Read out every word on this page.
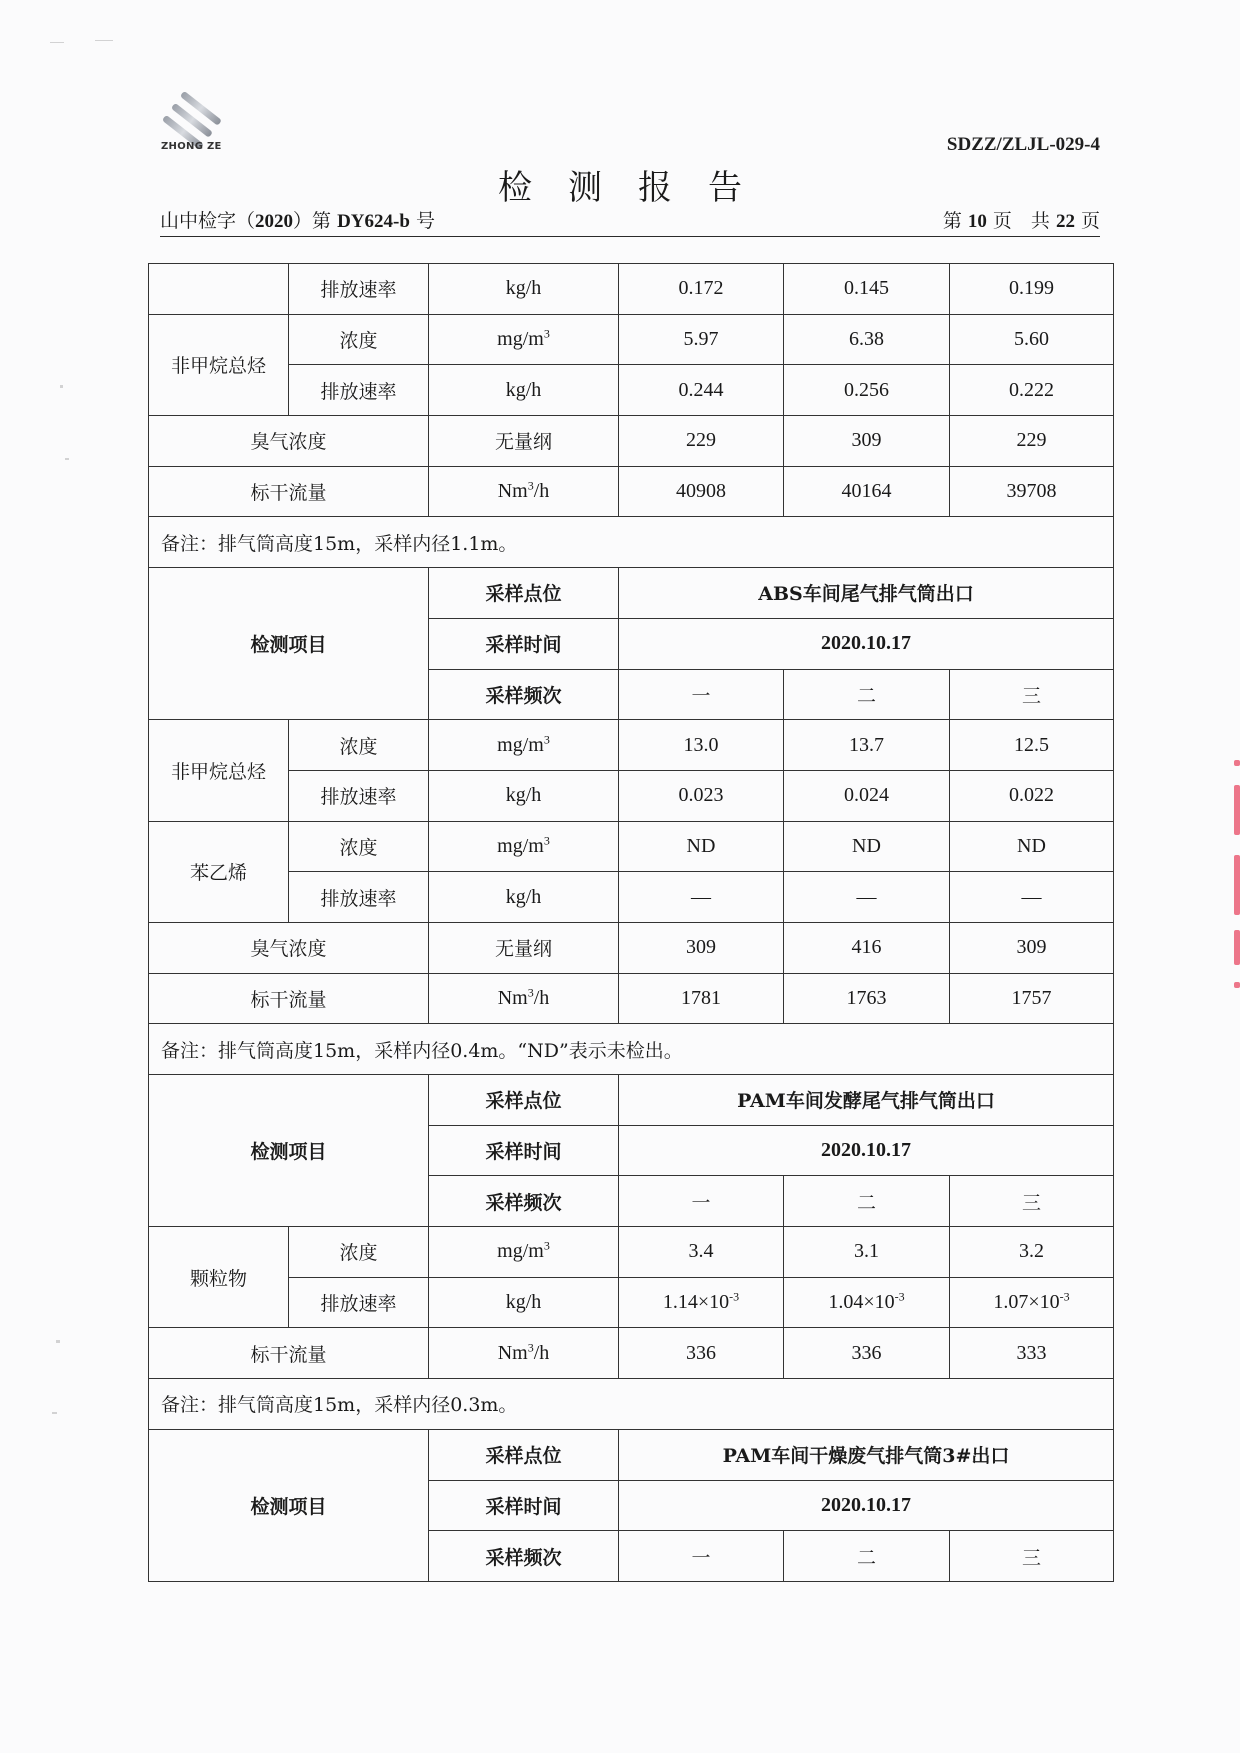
ZHONG ZE	SDZZ/ZLJL-029-4
检测报告
山中检字（2020）第 DY624-b 号	第 10 页　共 22 页
	排放速率	kg/h	0.172	0.145	0.199
非甲烷总烃	浓度	$mg/m^3$	5.97	6.38	5.60
	排放速率	kg/h	0.244	0.256	0.222
臭气浓度		无量纲	229	309	229
标干流量		Nm$^3$/h	40908	40164	39708
备注：排气筒高度15m，采样内径1.1m。					
检测项目		采样点位	ABS车间尾气排气筒出口		
		采样时间	2020.10.17		
		采样频次	一	二	三
非甲烷总烃	浓度	$mg/m^3$	13.0	13.7	12.5
	排放速率	kg/h	0.023	0.024	0.022
苯乙烯	浓度	$mg/m^3$	ND	ND	ND
	排放速率	kg/h	—	—	—
臭气浓度		无量纲	309	416	309
标干流量		Nm$^3$/h	1781	1763	1757
备注：排气筒高度15m，采样内径0.4m。“ND”表示未检出。					
检测项目		采样点位	PAM车间发酵尾气排气筒出口		
		采样时间	2020.10.17		
		采样频次	一	二	三
颗粒物	浓度	$mg/m^3$	3.4	3.1	3.2
	排放速率	kg/h	$1.14\times 10^{-3}$	$1.04\times 10^{-3}$	$1.07\times 10^{-3}$
标干流量		Nm$^3$/h	336	336	333
备注：排气筒高度15m，采样内径0.3m。					
检测项目		采样点位	PAM车间干燥废气排气筒3#出口		
		采样时间	2020.10.17		
		采样频次	一	二	三
